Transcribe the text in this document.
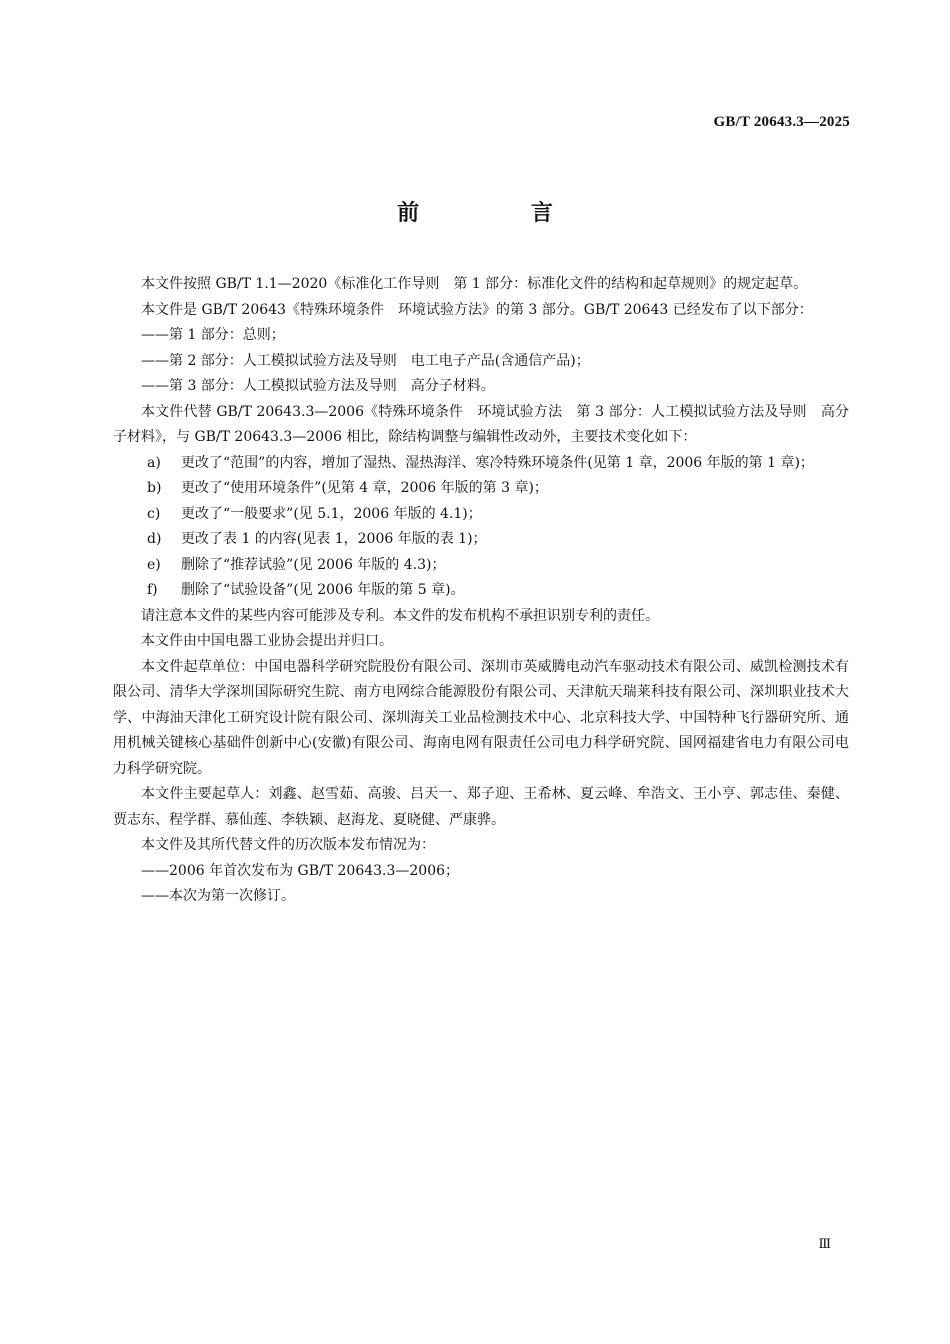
GB/T 20643.3—2025
前 言

本文件按照 GB/T 1.1—2020《标准化工作导则　第 1 部分：标准化文件的结构和起草规则》的规定起草。

本文件是 GB/T 20643《特殊环境条件　环境试验方法》的第 3 部分。GB/T 20643 已经发布了以下部分：

——第 1 部分：总则；

——第 2 部分：人工模拟试验方法及导则　电工电子产品(含通信产品)；

——第 3 部分：人工模拟试验方法及导则　高分子材料。

本文件代替 GB/T 20643.3—2006《特殊环境条件　环境试验方法　第 3 部分：人工模拟试验方法及导则　高分子材料》，与 GB/T 20643.3—2006 相比，除结构调整与编辑性改动外，主要技术变化如下：

a) 更改了“范围”的内容，增加了湿热、湿热海洋、寒冷特殊环境条件(见第 1 章，2006 年版的第 1 章)；
b) 更改了“使用环境条件”(见第 4 章，2006 年版的第 3 章)；
c) 更改了“一般要求”(见 5.1，2006 年版的 4.1)；
d) 更改了表 1 的内容(见表 1，2006 年版的表 1)；
e) 删除了“推荐试验”(见 2006 年版的 4.3)；
f) 删除了“试验设备”(见 2006 年版的第 5 章)。

请注意本文件的某些内容可能涉及专利。本文件的发布机构不承担识别专利的责任。

本文件由中国电器工业协会提出并归口。

本文件起草单位：中国电器科学研究院股份有限公司、深圳市英威腾电动汽车驱动技术有限公司、威凯检测技术有限公司、清华大学深圳国际研究生院、南方电网综合能源股份有限公司、天津航天瑞莱科技有限公司、深圳职业技术大学、中海油天津化工研究设计院有限公司、深圳海关工业品检测技术中心、北京科技大学、中国特种飞行器研究所、通用机械关键核心基础件创新中心(安徽)有限公司、海南电网有限责任公司电力科学研究院、国网福建省电力有限公司电力科学研究院。

本文件主要起草人：刘鑫、赵雪茹、高骏、吕天一、郑子迎、王希林、夏云峰、牟浩文、王小亨、郭志佳、秦健、贾志东、程学群、慕仙莲、李轶颖、赵海龙、夏晓健、严康骅。

本文件及其所代替文件的历次版本发布情况为：

——2006 年首次发布为 GB/T 20643.3—2006；

——本次为第一次修订。

Ⅲ
